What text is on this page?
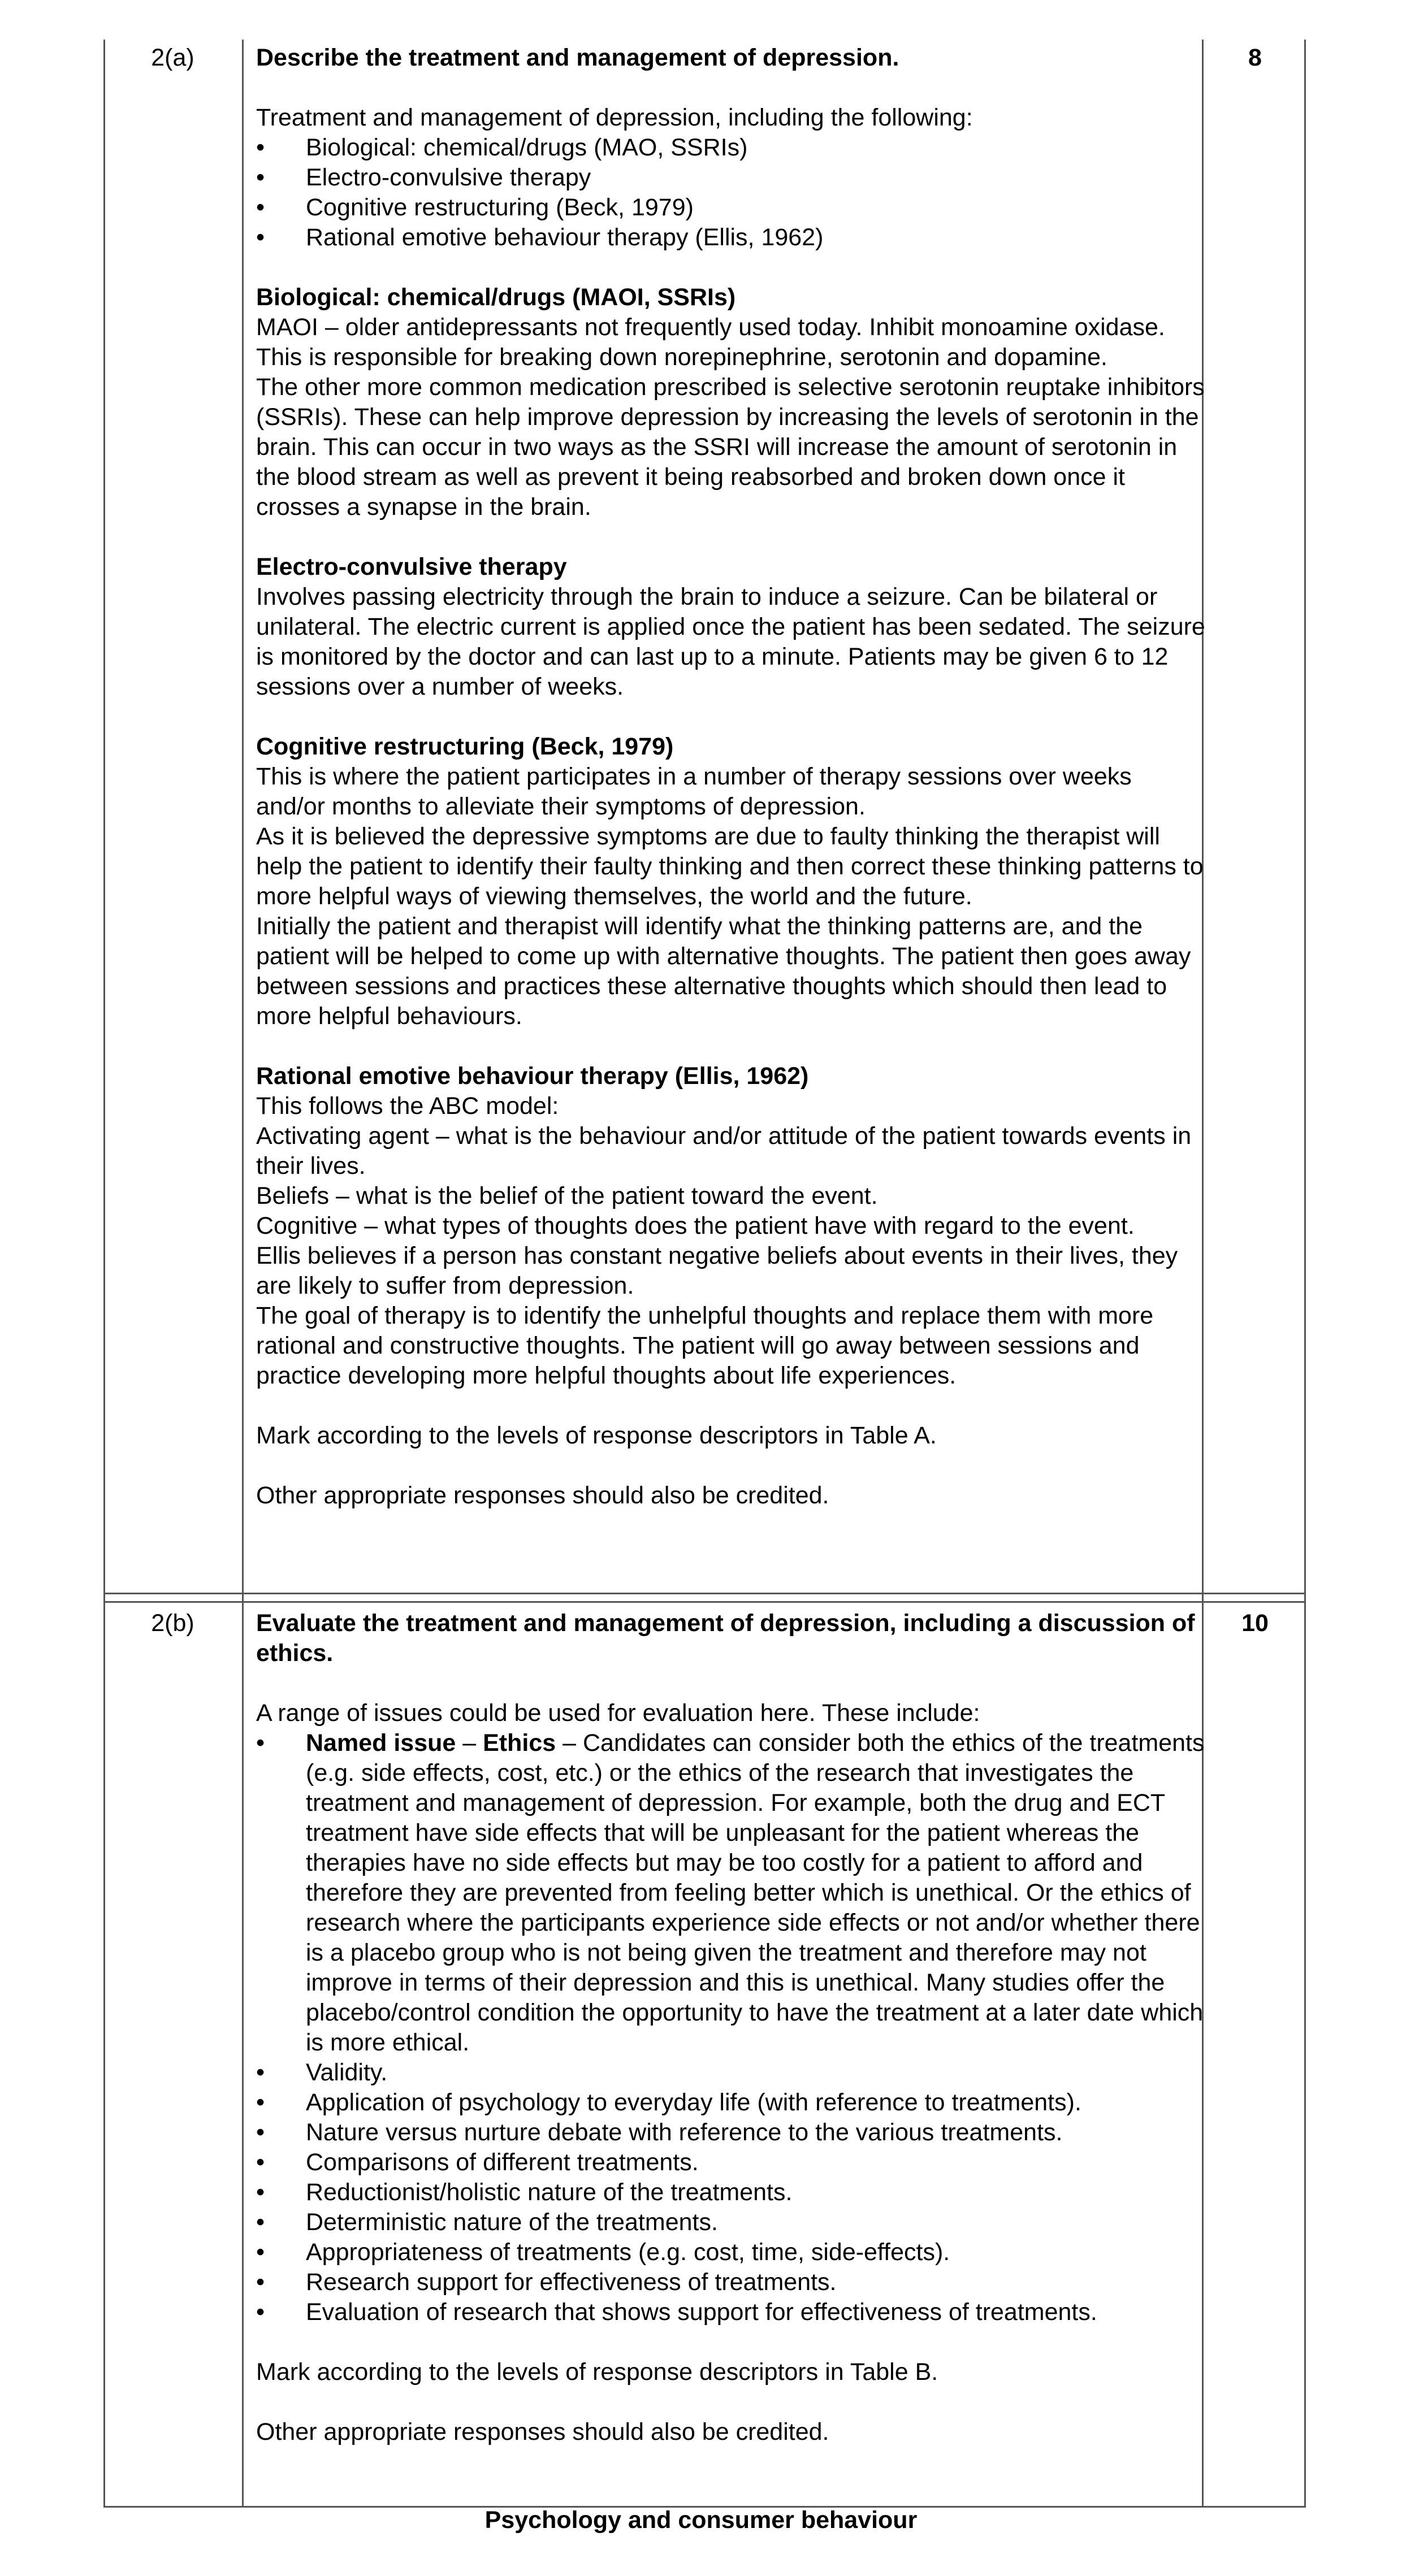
2(a)	8
Describe the treatment and management of depression.
Treatment and management of depression, including the following:
• Biological: chemical/drugs (MAO, SSRIs)
• Electro-convulsive therapy
• Cognitive restructuring (Beck, 1979)
• Rational emotive behaviour therapy (Ellis, 1962)
Biological: chemical/drugs (MAOI, SSRIs)
MAOI – older antidepressants not frequently used today. Inhibit monoamine oxidase. This is responsible for breaking down norepinephrine, serotonin and dopamine.
The other more common medication prescribed is selective serotonin reuptake inhibitors (SSRIs). These can help improve depression by increasing the levels of serotonin in the brain. This can occur in two ways as the SSRI will increase the amount of serotonin in the blood stream as well as prevent it being reabsorbed and broken down once it crosses a synapse in the brain.
Electro-convulsive therapy
Involves passing electricity through the brain to induce a seizure. Can be bilateral or unilateral. The electric current is applied once the patient has been sedated. The seizure is monitored by the doctor and can last up to a minute. Patients may be given 6 to 12 sessions over a number of weeks.
Cognitive restructuring (Beck, 1979)
This is where the patient participates in a number of therapy sessions over weeks and/or months to alleviate their symptoms of depression.
As it is believed the depressive symptoms are due to faulty thinking the therapist will help the patient to identify their faulty thinking and then correct these thinking patterns to more helpful ways of viewing themselves, the world and the future.
Initially the patient and therapist will identify what the thinking patterns are, and the patient will be helped to come up with alternative thoughts. The patient then goes away between sessions and practices these alternative thoughts which should then lead to more helpful behaviours.
Rational emotive behaviour therapy (Ellis, 1962)
This follows the ABC model:
Activating agent – what is the behaviour and/or attitude of the patient towards events in their lives.
Beliefs – what is the belief of the patient toward the event.
Cognitive – what types of thoughts does the patient have with regard to the event.
Ellis believes if a person has constant negative beliefs about events in their lives, they are likely to suffer from depression.
The goal of therapy is to identify the unhelpful thoughts and replace them with more rational and constructive thoughts. The patient will go away between sessions and practice developing more helpful thoughts about life experiences.
Mark according to the levels of response descriptors in Table A.
Other appropriate responses should also be credited.
2(b)	10
Evaluate the treatment and management of depression, including a discussion of ethics.
A range of issues could be used for evaluation here. These include:
• Named issue – Ethics – Candidates can consider both the ethics of the treatments (e.g. side effects, cost, etc.) or the ethics of the research that investigates the treatment and management of depression. For example, both the drug and ECT treatment have side effects that will be unpleasant for the patient whereas the therapies have no side effects but may be too costly for a patient to afford and therefore they are prevented from feeling better which is unethical. Or the ethics of research where the participants experience side effects or not and/or whether there is a placebo group who is not being given the treatment and therefore may not improve in terms of their depression and this is unethical. Many studies offer the placebo/control condition the opportunity to have the treatment at a later date which is more ethical.
• Validity.
• Application of psychology to everyday life (with reference to treatments).
• Nature versus nurture debate with reference to the various treatments.
• Comparisons of different treatments.
• Reductionist/holistic nature of the treatments.
• Deterministic nature of the treatments.
• Appropriateness of treatments (e.g. cost, time, side-effects).
• Research support for effectiveness of treatments.
• Evaluation of research that shows support for effectiveness of treatments.
Mark according to the levels of response descriptors in Table B.
Other appropriate responses should also be credited.
Psychology and consumer behaviour
